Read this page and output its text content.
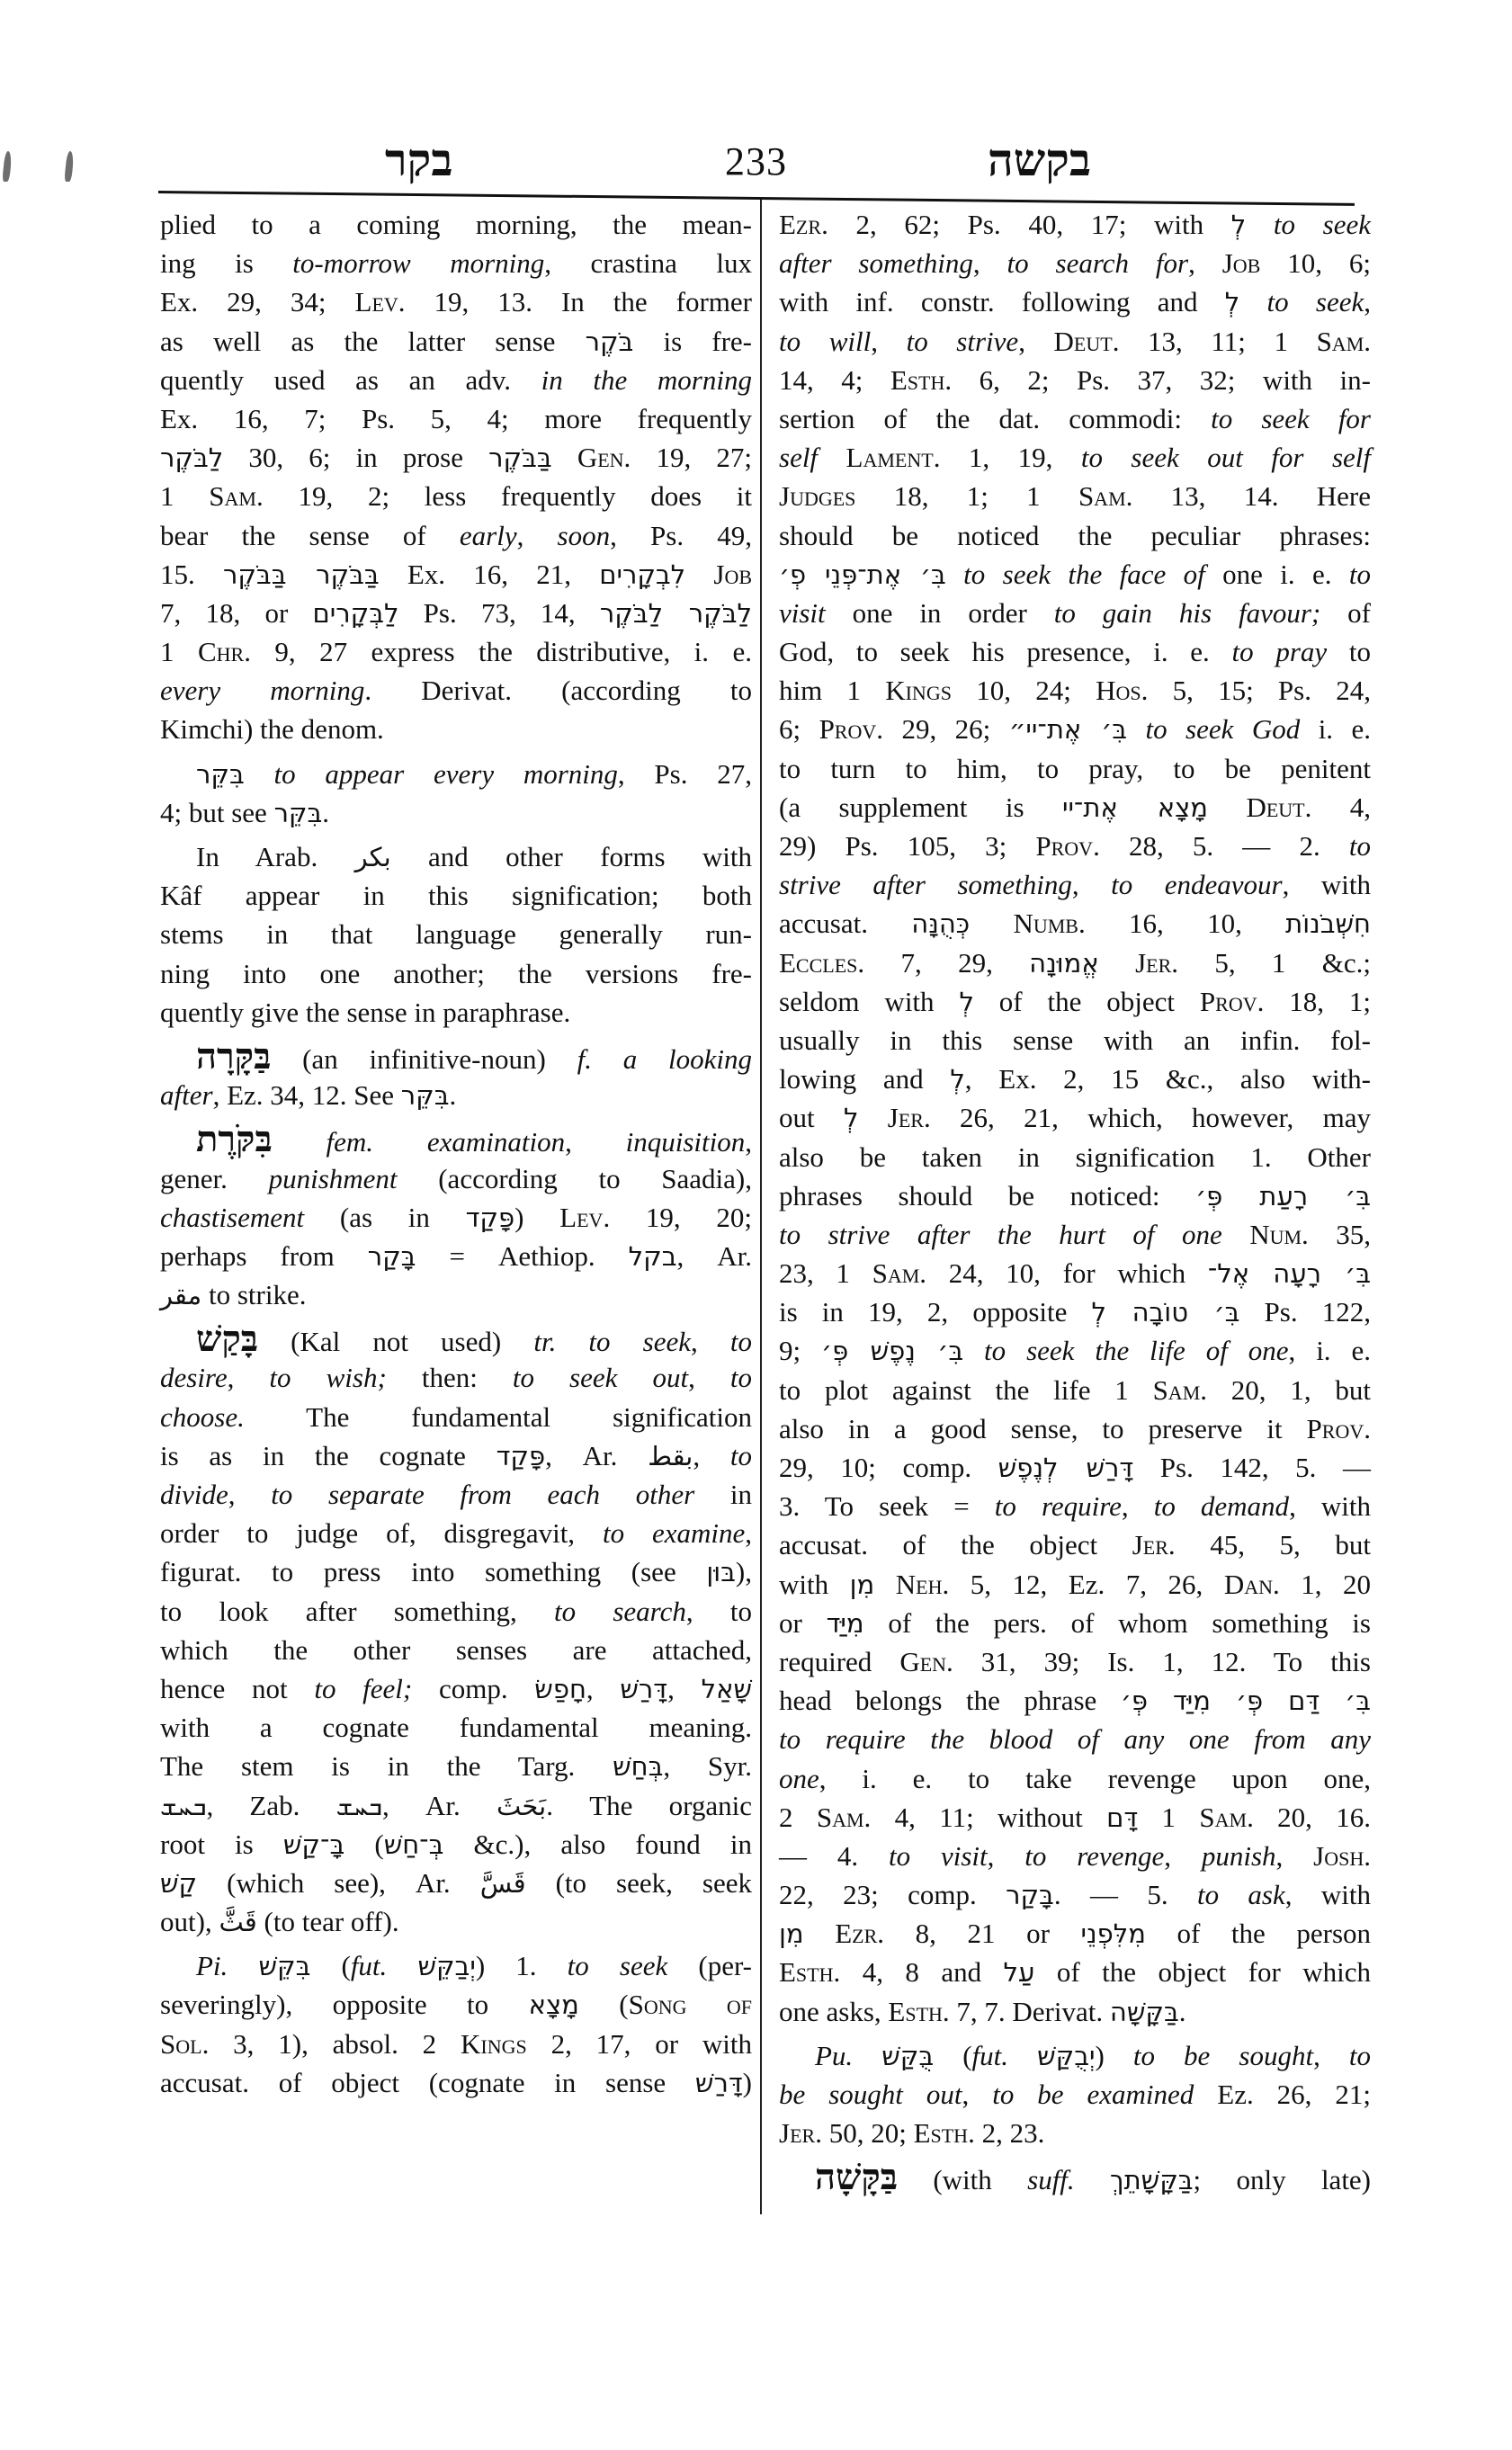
בקר	233	בקשה
plied to a coming morning, the mean-
ing is to-morrow morning, crastina lux
Ex. 29, 34; Lev. 19, 13. In the former
as well as the latter sense בֹּקֶר is fre-
quently used as an adv. in the morning
Ex. 16, 7; Ps. 5, 4; more frequently
לַבֹּקֶר 30, 6; in prose בַּבֹּקֶר Gen. 19, 27;
1 Sam. 19, 2; less frequently does it
bear the sense of early, soon, Ps. 49,
15. בַּבֹּקֶר בַּבֹּקֶר Ex. 16, 21, לִבְקָרִים Job
7, 18, or לַבְּקָרִים Ps. 73, 14, לַבֹּקֶר לַבֹּקֶר
1 Chr. 9, 27 express the distributive, i. e.
every morning. Derivat. (according to
Kimchi) the denom.
בִּקֵּר to appear every morning, Ps. 27,
4; but see בִּקֵּר.
In Arab. بكر and other forms with
Kâf appear in this signification; both
stems in that language generally run-
ning into one another; the versions fre-
quently give the sense in paraphrase.
בַּקָּרָה (an infinitive-noun) f. a looking
after, Ez. 34, 12. See בִּקֵּר.
בִּקֹּרֶת fem. examination, inquisition,
gener. punishment (according to Saadia),
chastisement (as in פָּקַד) Lev. 19, 20;
perhaps from בָּקַר = Aethiop. בקל, Ar.
مقر to strike.
בָּקַשׁ (Kal not used) tr. to seek, to
desire, to wish; then: to seek out, to
choose. The fundamental signification
is as in the cognate פָּקַד, Ar. بقط, to
divide, to separate from each other in
order to judge of, disgregavit, to examine,
figurat. to press into something (see בּוּן),
to look after something, to search, to
which the other senses are attached,
hence not to feel; comp. חָפַשׂ, דָּרַשׁ, שָׁאַל
with a cognate fundamental meaning.
The stem is in the Targ. בְּחַשׁ, Syr.
ܒܚܫ, Zab. ܒܚܫ, Ar. بَحَثَ. The organic
root is בָּ־קַשׁ (בְּ־חַשׁ &c.), also found in
קַשׁ (which see), Ar. قَسَّ (to seek, seek
out), قَثَّ (to tear off).
Pi. בִּקֵּשׁ (fut. יְבַקֵּשׁ) 1. to seek (per-
severingly), opposite to מָצָא (Song of
Sol. 3, 1), absol. 2 Kings 2, 17, or with
accusat. of object (cognate in sense דָּרַשׁ)
Ezr. 2, 62; Ps. 40, 17; with לְ to seek
after something, to search for, Job 10, 6;
with inf. constr. following and לְ to seek,
to will, to strive, Deut. 13, 11; 1 Sam.
14, 4; Esth. 6, 2; Ps. 37, 32; with in-
sertion of the dat. commodi: to seek for
self Lament. 1, 19, to seek out for self
Judges 18, 1; 1 Sam. 13, 14. Here
should be noticed the peculiar phrases:
בִּ׳ אֶת־פְּנֵי פְ׳ to seek the face of one i. e. to
visit one in order to gain his favour; of
God, to seek his presence, i. e. to pray to
him 1 Kings 10, 24; Hos. 5, 15; Ps. 24,
6; Prov. 29, 26; בִּ׳ אֶת־יי״ to seek God i. e.
to turn to him, to pray, to be penitent
(a supplement is מָצָא אֶת־יי Deut. 4,
29) Ps. 105, 3; Prov. 28, 5. — 2. to
strive after something, to endeavour, with
accusat. כְּהֻנָּה Numb. 16, 10, חִשְּׁבֹנוֹת
Eccles. 7, 29, אֱמוּנָה Jer. 5, 1 &c.;
seldom with לְ of the object Prov. 18, 1;
usually in this sense with an infin. fol-
lowing and לְ, Ex. 2, 15 &c., also with-
out לְ Jer. 26, 21, which, however, may
also be taken in signification 1. Other
phrases should be noticed: בִּ׳ רָעַת פְּ׳
to strive after the hurt of one Num. 35,
23, 1 Sam. 24, 10, for which בִּ׳ רָעָה אֶל־
is in 19, 2, opposite בִּ׳ טוֹבָה לְ Ps. 122,
9; בִּ׳ נֶפֶשׁ פְּ׳ to seek the life of one, i. e.
to plot against the life 1 Sam. 20, 1, but
also in a good sense, to preserve it Prov.
29, 10; comp. דָּרַשׁ לְנֶפֶשׁ Ps. 142, 5. —
3. To seek = to require, to demand, with
accusat. of the object Jer. 45, 5, but
with מִן Neh. 5, 12, Ez. 7, 26, Dan. 1, 20
or מִיַּד of the pers. of whom something is
required Gen. 31, 39; Is. 1, 12. To this
head belongs the phrase בִּ׳ דַּם פְּ׳ מִיַּד פְּ׳
to require the blood of any one from any
one, i. e. to take revenge upon one,
2 Sam. 4, 11; without דָּם 1 Sam. 20, 16.
— 4. to visit, to revenge, punish, Josh.
22, 23; comp. בָּקַר. — 5. to ask, with
מִן Ezr. 8, 21 or מִלִּפְנֵי of the person
Esth. 4, 8 and עַל of the object for which
one asks, Esth. 7, 7. Derivat. בַּקָּשָׁה.
Pu. בֻּקַּשׁ (fut. יְבֻקַּשׁ) to be sought, to
be sought out, to be examined Ez. 26, 21;
Jer. 50, 20; Esth. 2, 23.
בַּקָּשָׁה (with suff. בַּקָּשָׁתֵךְ; only late)
